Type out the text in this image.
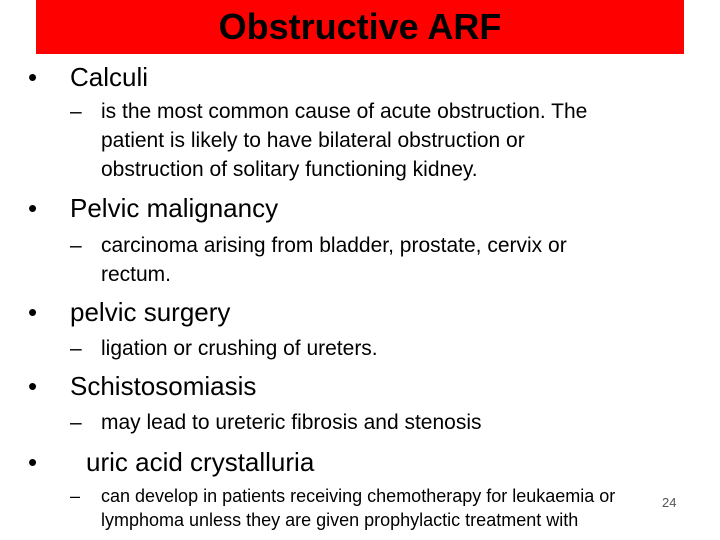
Obstructive ARF
• Calculi
– is the most common cause of acute obstruction. The
patient is likely to have bilateral obstruction or
obstruction of solitary functioning kidney.
• Pelvic malignancy
– carcinoma arising from bladder, prostate, cervix or
rectum.
• pelvic surgery
– ligation or crushing of ureters.
• Schistosomiasis
– may lead to ureteric fibrosis and stenosis
• uric acid crystalluria
– can develop in patients receiving chemotherapy for leukaemia or
lymphoma unless they are given prophylactic treatment with
24
